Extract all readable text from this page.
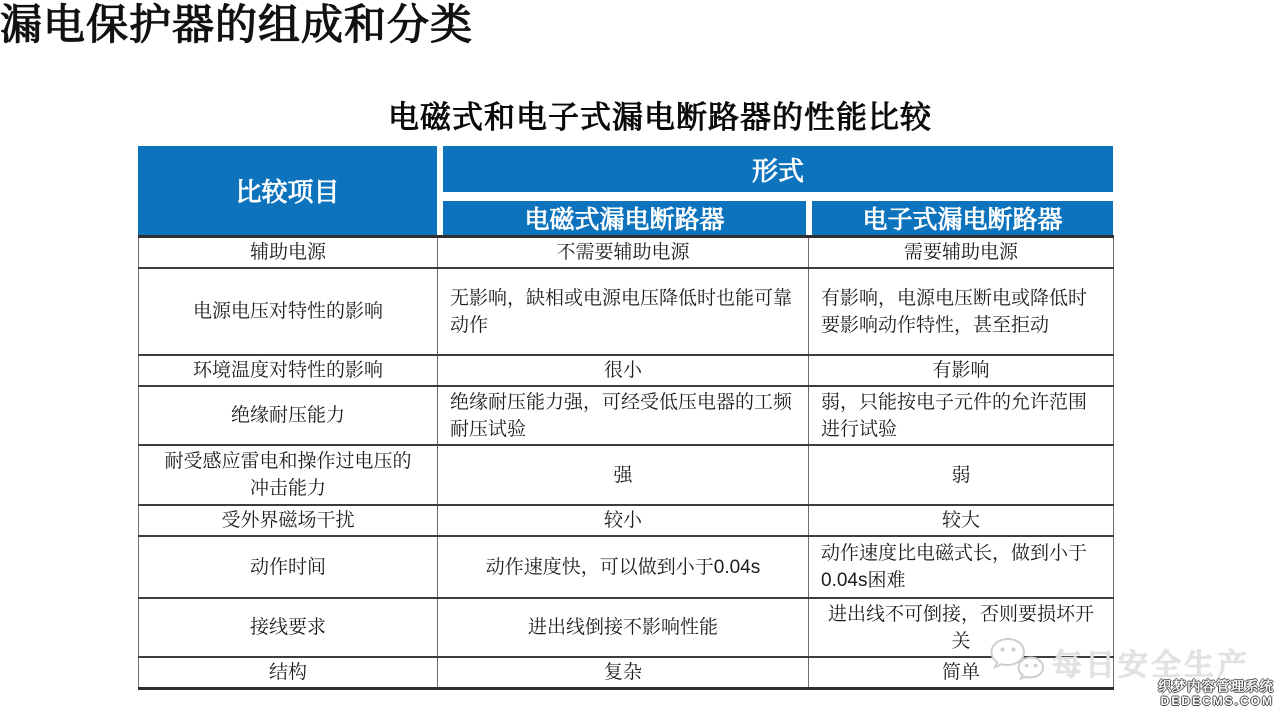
漏电保护器的组成和分类
电磁式和电子式漏电断路器的性能比较
比较项目
形式
电磁式漏电断路器	电子式漏电断路器
辅助电源	不需要辅助电源	需要辅助电源
电源电压对特性的影响	无影响，缺相或电源电压降低时也能可靠动作	有影响，电源电压断电或降低时要影响动作特性，甚至拒动
环境温度对特性的影响	很小	有影响
绝缘耐压能力	绝缘耐压能力强，可经受低压电器的工频耐压试验	弱，只能按电子元件的允许范围进行试验
耐受感应雷电和操作过电压的冲击能力	强	弱
受外界磁场干扰	较小	较大
动作时间	动作速度快，可以做到小于0.04s	动作速度比电磁式长，做到小于0.04s困难
接线要求	进出线倒接不影响性能	进出线不可倒接，否则要损坏开关
结构	复杂	简单 每日安全生产
织梦内容管理系统
DEDECMS.COM
